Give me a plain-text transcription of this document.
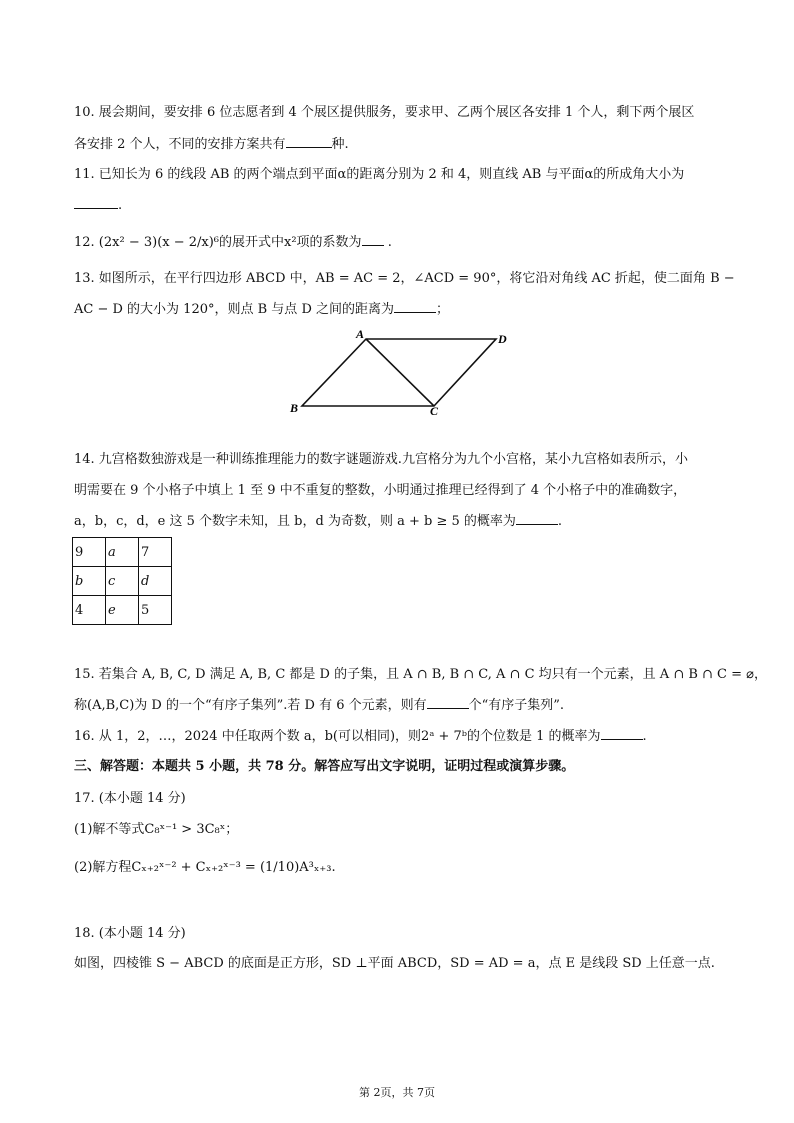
10. 展会期间，要安排 6 位志愿者到 4 个展区提供服务，要求甲、乙两个展区各安排 1 个人，剩下两个展区
各安排 2 个人，不同的安排方案共有	种.
11. 已知长为 6 的线段 AB 的两个端点到平面α的距离分别为 2 和 4，则直线 AB 与平面α的所成角大小为
.
12. (2x² − 3)(x − 2/x)⁶的展开式中x²项的系数为 .
13. 如图所示，在平行四边形 ABCD 中，AB = AC = 2，∠ACD = 90°，将它沿对角线 AC 折起，使二面角 B −
AC − D 的大小为 120°，则点 B 与点 D 之间的距离为	；
A	D
B	C
14. 九宫格数独游戏是一种训练推理能力的数字谜题游戏.九宫格分为九个小宫格，某小九宫格如表所示，小
明需要在 9 个小格子中填上 1 至 9 中不重复的整数，小明通过推理已经得到了 4 个小格子中的准确数字，
a，b，c，d，e 这 5 个数字未知，且 b，d 为奇数，则 a + b ≥ 5 的概率为	.
9	a	7
b	c	d
4	e	5
15. 若集合 A, B, C, D 满足 A, B, C 都是 D 的子集，且 A ∩ B, B ∩ C, A ∩ C 均只有一个元素，且 A ∩ B ∩ C = ⌀，
称(A,B,C)为 D 的一个“有序子集列”.若 D 有 6 个元素，则有	个“有序子集列”.
16. 从 1，2，…，2024 中任取两个数 a，b(可以相同)，则2ᵃ + 7ᵇ的个位数是 1 的概率为	.
三、解答题：本题共 5 小题，共 78 分。解答应写出文字说明，证明过程或演算步骤。
17. (本小题 14 分)
(1)解不等式C₈ˣ⁻¹ > 3C₈ˣ；
(2)解方程Cₓ₊₂ˣ⁻² + Cₓ₊₂ˣ⁻³ = (1/10)A³ₓ₊₃.
18. (本小题 14 分)
如图，四棱锥 S − ABCD 的底面是正方形，SD ⊥平面 ABCD，SD = AD = a，点 E 是线段 SD 上任意一点.
第 2页，共 7页
